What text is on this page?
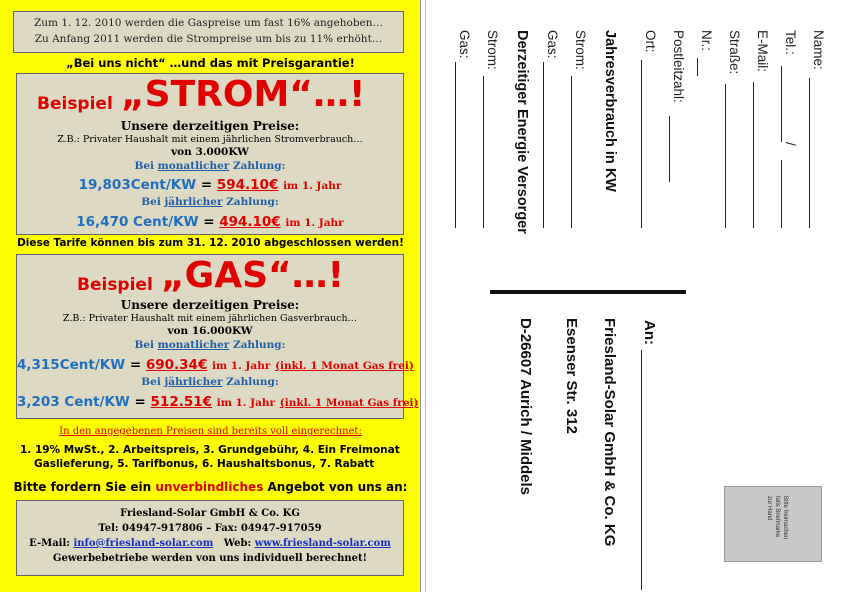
Zum 1. 12. 2010 werden die Gaspreise um fast 16% angehoben…
Zu Anfang 2011 werden die Strompreise um bis zu 11% erhöht…
„Bei uns nicht“ …und das mit Preisgarantie!
Beispiel „STROM“…!
Unsere derzeitigen Preise:
Z.B.: Privater Haushalt mit einem jährlichen Stromverbrauch…
von 3.000KW
Bei monatlicher Zahlung:
19,803Cent/KW = 594.10€ im 1. Jahr
Bei jährlicher Zahlung:
16,470 Cent/KW = 494.10€ im 1. Jahr
Diese Tarife können bis zum 31. 12. 2010 abgeschlossen werden!
Beispiel „GAS“…!
Unsere derzeitigen Preise:
Z.B.: Privater Haushalt mit einem jährlichen Gasverbrauch…
von 16.000KW
Bei monatlicher Zahlung:
4,315Cent/KW = 690.34€ im 1. Jahr (inkl. 1 Monat Gas frei)
Bei jährlicher Zahlung:
3,203 Cent/KW = 512.51€ im 1. Jahr (inkl. 1 Monat Gas frei)
In den angegebenen Preisen sind bereits voll eingerechnet:
1. 19% MwSt., 2. Arbeitspreis, 3. Grundgebühr, 4. Ein Freimonat
Gaslieferung, 5. Tarifbonus, 6. Haushaltsbonus, 7. Rabatt
Bitte fordern Sie ein unverbindliches Angebot von uns an:
Friesland-Solar GmbH & Co. KG
Tel: 04947-917806 – Fax: 04947-917059
E-Mail: info@friesland-solar.com Web: www.friesland-solar.com
Gewerbebetriebe werden von uns individuell berechnet!
Name:
Tel.:
/
E-Mail:
Straße:
Nr.:
Postleitzahl:
Ort:
Jahresverbrauch in KW
Strom:
Gas:
Derzeitiger Energie Versorger
Strom:
Gas:
An:
Friesland-Solar GmbH & Co. KG
Esenser Str. 312
D-26607 Aurich / Middels
Bitte freimachen
falls Briefmarke
zur Hand
